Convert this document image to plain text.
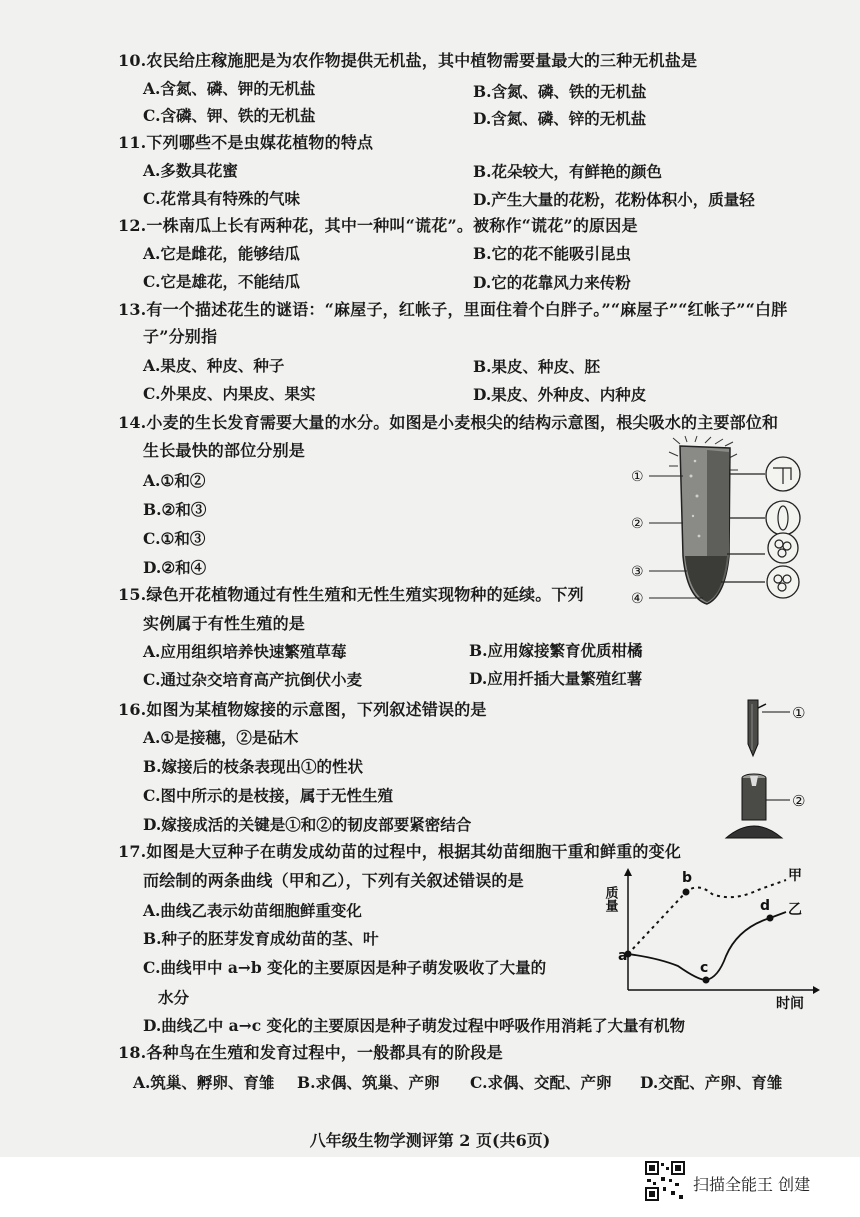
10.农民给庄稼施肥是为农作物提供无机盐，其中植物需要量最大的三种无机盐是
A.含氮、磷、钾的无机盐	B.含氮、磷、铁的无机盐
C.含磷、钾、铁的无机盐	D.含氮、磷、锌的无机盐
11.下列哪些不是虫媒花植物的特点
A.多数具花蜜	B.花朵较大，有鲜艳的颜色
C.花常具有特殊的气味	D.产生大量的花粉，花粉体积小，质量轻
12.一株南瓜上长有两种花，其中一种叫“谎花”。被称作“谎花”的原因是
A.它是雌花，能够结瓜	B.它的花不能吸引昆虫
C.它是雄花，不能结瓜	D.它的花靠风力来传粉
13.有一个描述花生的谜语：“麻屋子，红帐子，里面住着个白胖子。”“麻屋子”“红帐子”“白胖
子”分别指
A.果皮、种皮、种子	B.果皮、种皮、胚
C.外果皮、内果皮、果实	D.果皮、外种皮、内种皮
14.小麦的生长发育需要大量的水分。如图是小麦根尖的结构示意图，根尖吸水的主要部位和
生长最快的部位分别是
A.①和②
B.②和③
C.①和③
D.②和④
①
②
③
④
15.绿色开花植物通过有性生殖和无性生殖实现物种的延续。下列
实例属于有性生殖的是
A.应用组织培养快速繁殖草莓	B.应用嫁接繁育优质柑橘
C.通过杂交培育高产抗倒伏小麦	D.应用扦插大量繁殖红薯
16.如图为某植物嫁接的示意图，下列叙述错误的是
A.①是接穗，②是砧木
B.嫁接后的枝条表现出①的性状
C.图中所示的是枝接，属于无性生殖
D.嫁接成活的关键是①和②的韧皮部要紧密结合
①
②
17.如图是大豆种子在萌发成幼苗的过程中，根据其幼苗细胞干重和鲜重的变化
而绘制的两条曲线（甲和乙），下列有关叙述错误的是
A.曲线乙表示幼苗细胞鲜重变化
B.种子的胚芽发育成幼苗的茎、叶
C.曲线甲中 a→b 变化的主要原因是种子萌发吸收了大量的
水分
D.曲线乙中 a→c 变化的主要原因是种子萌发过程中呼吸作用消耗了大量有机物
质量
时间
a
b
c
d
甲
乙
18.各种鸟在生殖和发育过程中，一般都具有的阶段是
A.筑巢、孵卵、育雏 B.求偶、筑巢、产卵 C.求偶、交配、产卵 D.交配、产卵、育雏
八年级生物学测评第 2 页(共6页)
扫描全能王 创建
